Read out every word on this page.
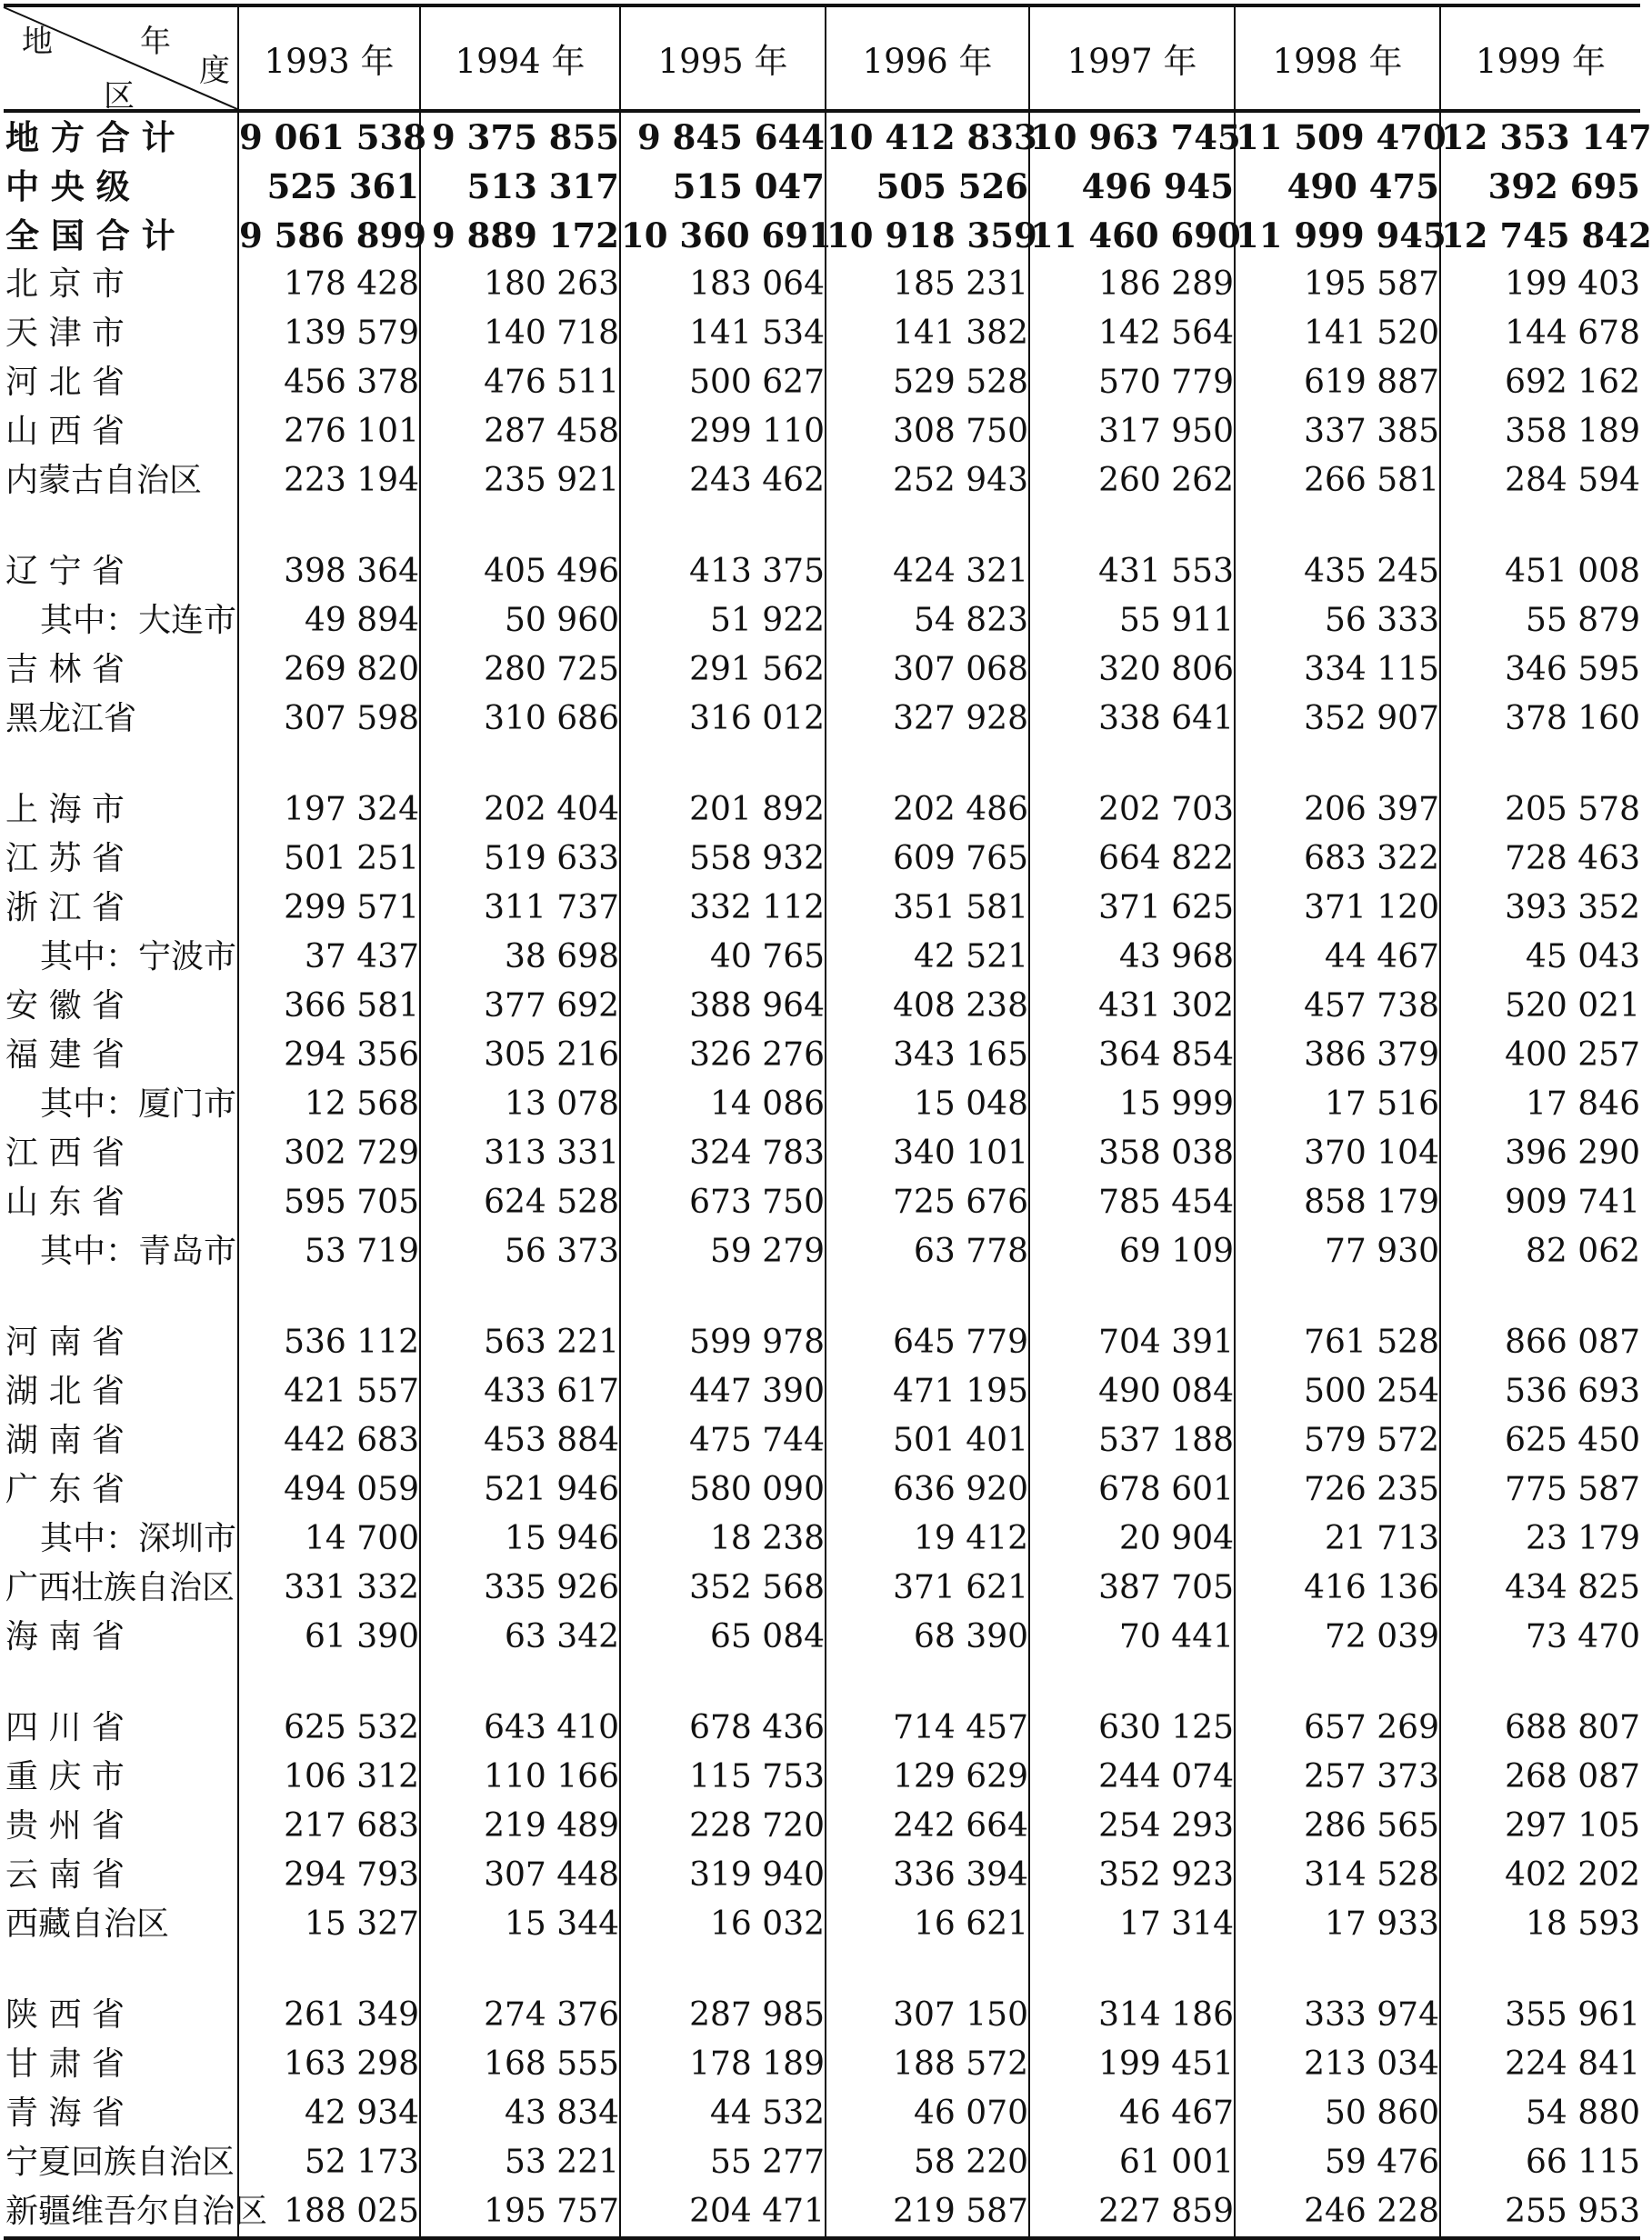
地 年
度
区	1993 年	1994 年	1995 年	1996 年	1997 年	1998 年	1999 年
地 方 合 计	9 061 538	9 375 855	9 845 644	10 412 833	10 963 745	11 509 470	12 353 147
中 央 级	525 361	513 317	515 047	505 526	496 945	490 475	392 695
全 国 合 计	9 586 899	9 889 172	10 360 691	10 918 359	11 460 690	11 999 945	12 745 842
北 京 市	178 428	180 263	183 064	185 231	186 289	195 587	199 403
天 津 市	139 579	140 718	141 534	141 382	142 564	141 520	144 678
河 北 省	456 378	476 511	500 627	529 528	570 779	619 887	692 162
山 西 省	276 101	287 458	299 110	308 750	317 950	337 385	358 189
内蒙古自治区	223 194	235 921	243 462	252 943	260 262	266 581	284 594

辽 宁 省	398 364	405 496	413 375	424 321	431 553	435 245	451 008
其中：大连市	49 894	50 960	51 922	54 823	55 911	56 333	55 879
吉 林 省	269 820	280 725	291 562	307 068	320 806	334 115	346 595
黑龙江省	307 598	310 686	316 012	327 928	338 641	352 907	378 160

上 海 市	197 324	202 404	201 892	202 486	202 703	206 397	205 578
江 苏 省	501 251	519 633	558 932	609 765	664 822	683 322	728 463
浙 江 省	299 571	311 737	332 112	351 581	371 625	371 120	393 352
其中：宁波市	37 437	38 698	40 765	42 521	43 968	44 467	45 043
安 徽 省	366 581	377 692	388 964	408 238	431 302	457 738	520 021
福 建 省	294 356	305 216	326 276	343 165	364 854	386 379	400 257
其中：厦门市	12 568	13 078	14 086	15 048	15 999	17 516	17 846
江 西 省	302 729	313 331	324 783	340 101	358 038	370 104	396 290
山 东 省	595 705	624 528	673 750	725 676	785 454	858 179	909 741
其中：青岛市	53 719	56 373	59 279	63 778	69 109	77 930	82 062

河 南 省	536 112	563 221	599 978	645 779	704 391	761 528	866 087
湖 北 省	421 557	433 617	447 390	471 195	490 084	500 254	536 693
湖 南 省	442 683	453 884	475 744	501 401	537 188	579 572	625 450
广 东 省	494 059	521 946	580 090	636 920	678 601	726 235	775 587
其中：深圳市	14 700	15 946	18 238	19 412	20 904	21 713	23 179
广西壮族自治区	331 332	335 926	352 568	371 621	387 705	416 136	434 825
海 南 省	61 390	63 342	65 084	68 390	70 441	72 039	73 470

四 川 省	625 532	643 410	678 436	714 457	630 125	657 269	688 807
重 庆 市	106 312	110 166	115 753	129 629	244 074	257 373	268 087
贵 州 省	217 683	219 489	228 720	242 664	254 293	286 565	297 105
云 南 省	294 793	307 448	319 940	336 394	352 923	314 528	402 202
西藏自治区	15 327	15 344	16 032	16 621	17 314	17 933	18 593

陕 西 省	261 349	274 376	287 985	307 150	314 186	333 974	355 961
甘 肃 省	163 298	168 555	178 189	188 572	199 451	213 034	224 841
青 海 省	42 934	43 834	44 532	46 070	46 467	50 860	54 880
宁夏回族自治区	52 173	53 221	55 277	58 220	61 001	59 476	66 115
新疆维吾尔自治区	188 025	195 757	204 471	219 587	227 859	246 228	255 953
